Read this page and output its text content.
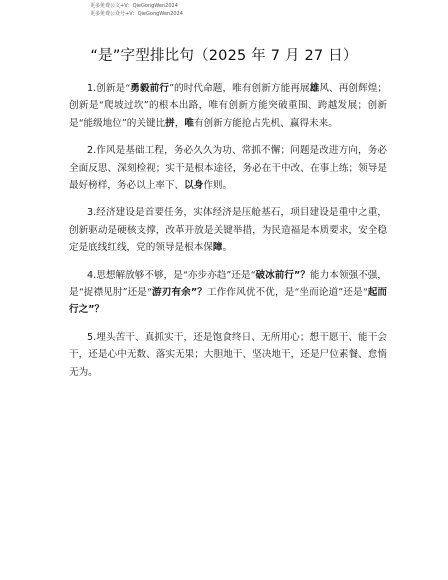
更多免费公文+V：QieGongWen2024
更多免费公众号+V：QieGongWen2024
“是”字型排比句（2025 年 7 月 27 日）

1.创新是“勇毅前行”的时代命题，唯有创新方能再展雄风、再创辉煌；创新是“爬坡过坎”的根本出路，唯有创新方能突破重围、跨越发展；创新是“能级地位”的关键比拼，唯有创新方能抢占先机、赢得未来。

2.作风是基础工程，务必久久为功、常抓不懈；问题是改进方向，务必全面反思、深刻检视；实干是根本途径，务必在干中改、在事上练；领导是最好榜样，务必以上率下、以身作则。

3.经济建设是首要任务，实体经济是压舱基石，项目建设是重中之重，创新驱动是硬核支撑，改革开放是关键举措，为民造福是本质要求，安全稳定是底线红线，党的领导是根本保障。

4.思想解放够不够，是“亦步亦趋”还是“破冰前行”？能力本领强不强，是“捉襟见肘”还是“游刃有余”？工作作风优不优，是“坐而论道”还是“起而行之”？

5.埋头苦干、真抓实干，还是饱食终日、无所用心；想干愿干、能干会干，还是心中无数、落实无果；大胆地干、坚决地干，还是尸位素餐、怠惰无为。
